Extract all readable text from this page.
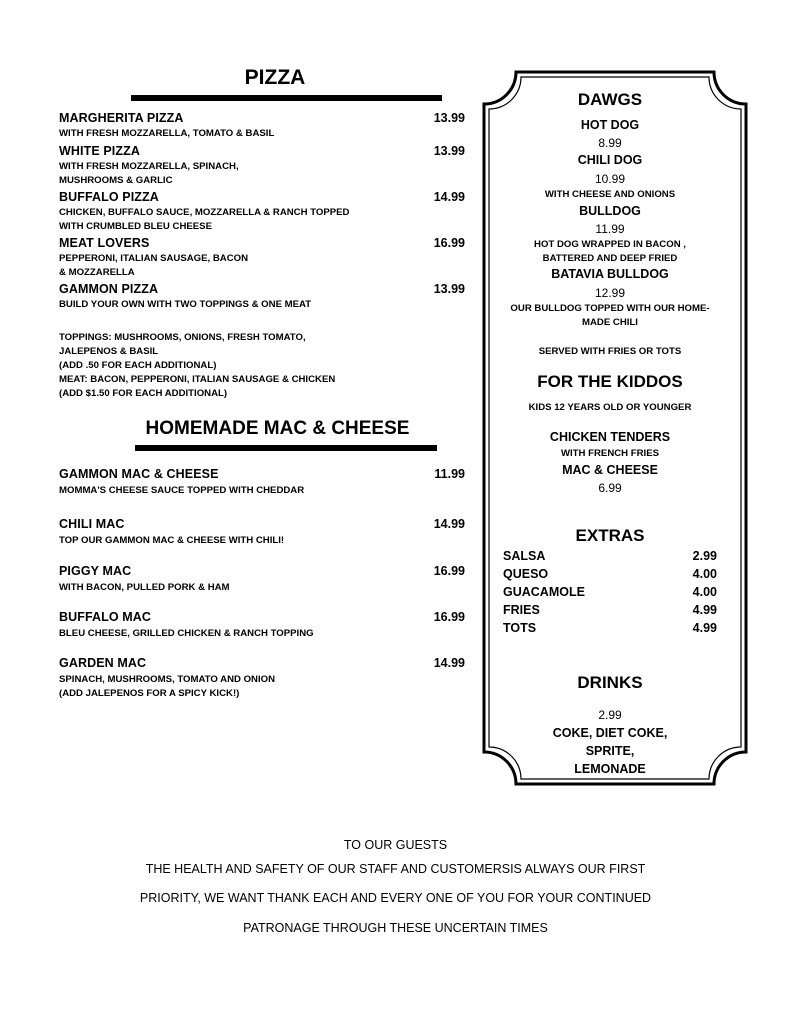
PIZZA
MARGHERITA PIZZA	13.99
WITH FRESH MOZZARELLA, TOMATO & BASIL
WHITE PIZZA	13.99
WITH FRESH MOZZARELLA, SPINACH,
MUSHROOMS & GARLIC
BUFFALO PIZZA	14.99
CHICKEN, BUFFALO SAUCE, MOZZARELLA & RANCH TOPPED
WITH CRUMBLED BLEU CHEESE
MEAT LOVERS	16.99
PEPPERONI, ITALIAN SAUSAGE, BACON
& MOZZARELLA
GAMMON PIZZA	13.99
BUILD YOUR OWN WITH TWO TOPPINGS & ONE MEAT
TOPPINGS: MUSHROOMS, ONIONS, FRESH TOMATO,
JALEPENOS & BASIL
(ADD .50 FOR EACH ADDITIONAL)
MEAT: BACON, PEPPERONI, ITALIAN SAUSAGE & CHICKEN
(ADD $1.50 FOR EACH ADDITIONAL)
HOMEMADE MAC & CHEESE
GAMMON MAC & CHEESE	11.99
MOMMA'S CHEESE SAUCE TOPPED WITH CHEDDAR
CHILI MAC	14.99
TOP OUR GAMMON MAC & CHEESE WITH CHILI!
PIGGY MAC	16.99
WITH BACON, PULLED PORK & HAM
BUFFALO MAC	16.99
BLEU CHEESE, GRILLED CHICKEN & RANCH TOPPING
GARDEN MAC	14.99
SPINACH, MUSHROOMS, TOMATO AND ONION
(ADD JALEPENOS FOR A SPICY KICK!)
DAWGS
HOT DOG
8.99
CHILI DOG
10.99
WITH CHEESE AND ONIONS
BULLDOG
11.99
HOT DOG WRAPPED IN BACON ,
BATTERED AND DEEP FRIED
BATAVIA BULLDOG
12.99
OUR BULLDOG TOPPED WITH OUR HOME-
MADE CHILI
SERVED WITH FRIES OR TOTS
FOR THE KIDDOS
KIDS 12 YEARS OLD OR YOUNGER
CHICKEN TENDERS
WITH FRENCH FRIES
MAC & CHEESE
6.99
EXTRAS
SALSA	2.99
QUESO	4.00
GUACAMOLE	4.00
FRIES	4.99
TOTS	4.99
DRINKS
2.99
COKE, DIET COKE,
SPRITE,
LEMONADE
TO OUR GUESTS
THE HEALTH AND SAFETY OF OUR STAFF AND CUSTOMERSIS ALWAYS OUR FIRST
PRIORITY, WE WANT THANK EACH AND EVERY ONE OF YOU FOR YOUR CONTINUED
PATRONAGE THROUGH THESE UNCERTAIN TIMES
